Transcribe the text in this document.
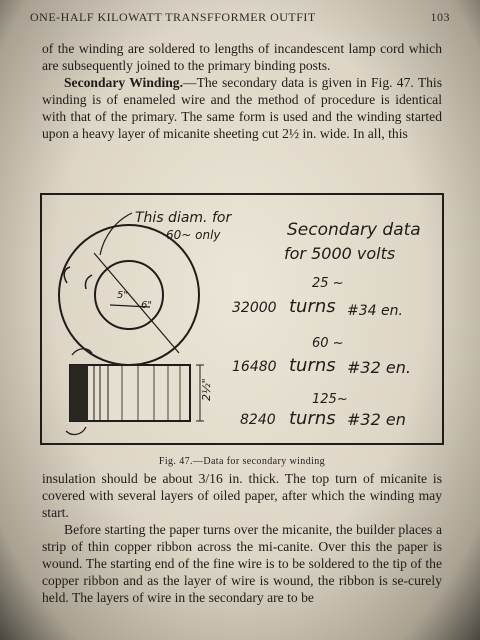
ONE-HALF KILOWATT TRANSFFORMER OUTFIT	103

of the winding are soldered to lengths of incandescent lamp cord which are subsequently joined to the primary binding posts.

Secondary Winding.—The secondary data is given in Fig. 47. This winding is of enameled wire and the method of procedure is identical with that of the primary. The same form is used and the winding started upon a heavy layer of micanite sheeting cut 2½ in. wide. In all, this

This diam. for
60~ only
5"
6"
2½"
Secondary data
for 5000 volts
25 ~
32000 turns #34 en.
60 ~
16480 turns #32 en.
125~
8240 turns #32 en
Fig. 47.—Data for secondary winding

insulation should be about 3/16 in. thick. The top turn of micanite is covered with several layers of oiled paper, after which the winding may start.

Before starting the paper turns over the micanite, the builder places a strip of thin copper ribbon across the mi-canite. Over this the paper is wound. The starting end of the fine wire is to be soldered to the tip of the copper ribbon and as the layer of wire is wound, the ribbon is se-curely held. The layers of wire in the secondary are to be
